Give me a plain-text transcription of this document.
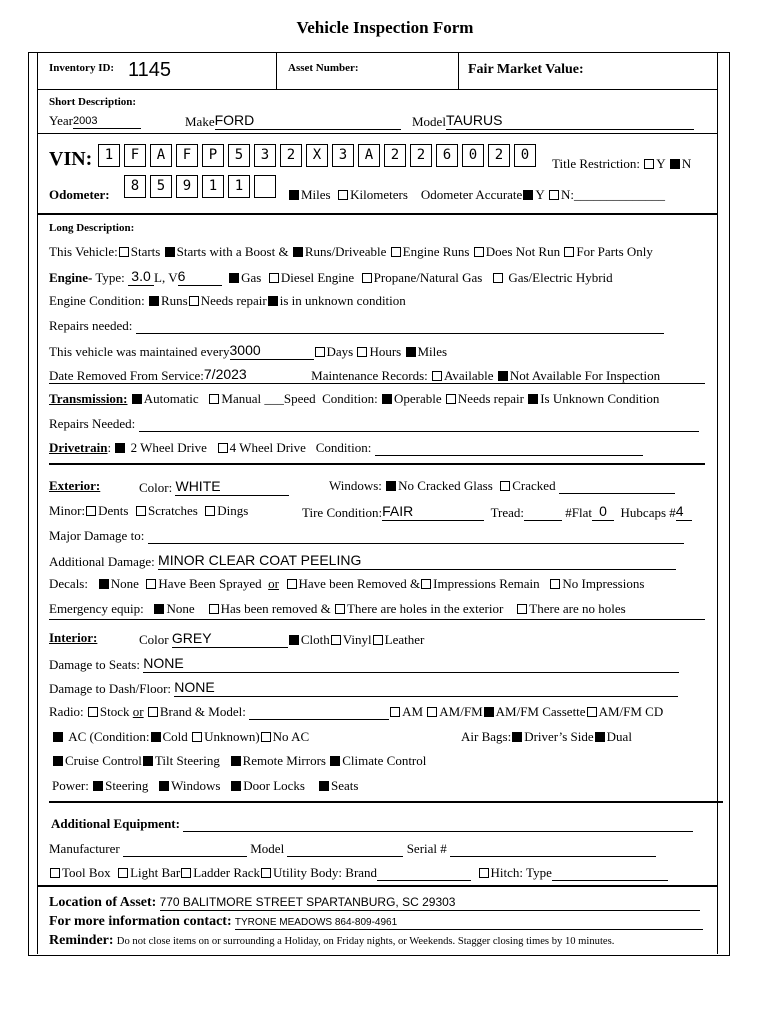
Vehicle Inspection Form
Inventory ID: 1145	Asset Number:	Fair Market Value:
Short Description:
Year2003	MakeFORD	ModelTAURUS
VIN: 1	F	A	F	P	5	3	2	X	3	A	2	2	6	0	2	0
Title Restriction: Y N
Odometer:
8	5	9	1	1
Miles Kilometers Odometer Accurate Y N:______________
Long Description:
This Vehicle: Starts Starts with a Boost & Runs/Driveable Engine Runs Does Not Run For Parts Only
Engine- Type: 3.0 L, V6	Gas Diesel Engine Propane/Natural Gas Gas/Electric Hybrid
Engine Condition: Runs Needs repair is in unknown condition
Repairs needed:
This vehicle was maintained every3000	Days Hours Miles
Date Removed From Service:7/2023	Maintenance Records: Available Not Available For Inspection
Transmission: Automatic Manual ___Speed Condition: Operable Needs repair Is Unknown Condition
Repairs Needed:
Drivetrain:  2 Wheel Drive 4 Wheel Drive Condition:
Exterior:	Color: WHITE	Windows: No Cracked Glass Cracked
Minor: Dents Scratches Dings	Tire Condition:FAIR	Tread:	#Flat 0 Hubcaps #4
Major Damage to:
Additional Damage: MINOR CLEAR COAT PEELING
Decals: None Have Been Sprayed or Have been Removed & Impressions Remain No Impressions
Emergency equip: None Has been removed & There are holes in the exterior There are no holes
Interior:	Color GREY	Cloth Vinyl Leather
Damage to Seats: NONE
Damage to Dash/Floor: NONE
Radio: Stock or Brand & Model:	AM AM/FM AM/FM Cassette AM/FM CD
AC (Condition: Cold Unknown) No AC	Air Bags: Driver’s Side Dual
Cruise Control Tilt Steering Remote Mirrors Climate Control
Power: Steering Windows Door Locks Seats
Additional Equipment:
Manufacturer	Model	Serial #
Tool Box Light Bar Ladder Rack Utility Body: Brand	Hitch: Type
Location of Asset: 770 BALITMORE STREET SPARTANBURG, SC 29303
For more information contact: TYRONE MEADOWS 864-809-4961
Reminder: Do not close items on or surrounding a Holiday, on Friday nights, or Weekends. Stagger closing times by 10 minutes.
